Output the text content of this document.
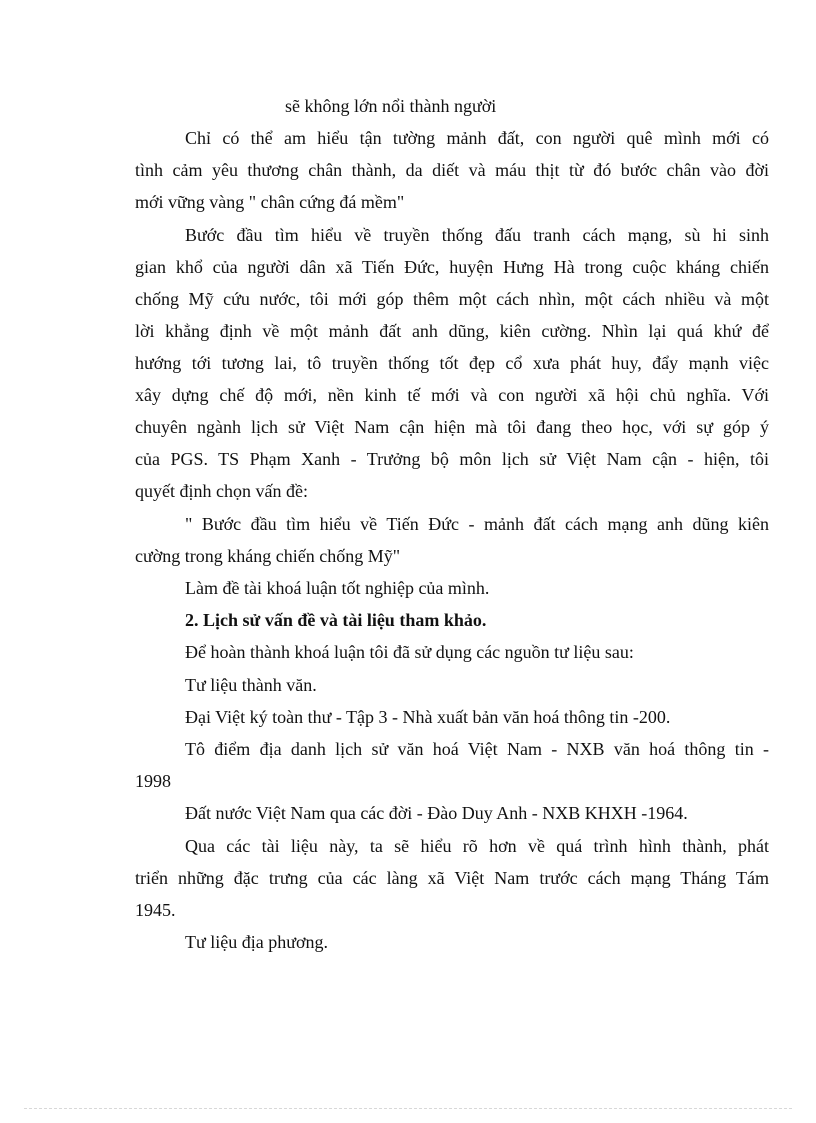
sẽ không lớn nổi thành người
Chỉ có thể am hiểu tận tường mảnh đất, con người quê mình mới có
tình cảm yêu thương chân thành, da diết và máu thịt từ đó bước chân vào đời
mới vững vàng " chân cứng đá mềm"
Bước đầu tìm hiểu về truyền thống đấu tranh cách mạng, sù hi sinh
gian khổ của người dân xã Tiến Đức, huyện Hưng Hà trong cuộc kháng chiến
chống Mỹ cứu nước, tôi mới góp thêm một cách nhìn, một cách nhiều và một
lời khẳng định về một mảnh đất anh dũng, kiên cường. Nhìn lại quá khứ để
hướng tới tương lai, tô truyền thống tốt đẹp cổ xưa phát huy, đẩy mạnh việc
xây dựng chế độ mới, nền kinh tế mới và con người xã hội chủ nghĩa. Với
chuyên ngành lịch sử Việt Nam cận hiện mà tôi đang theo học, với sự góp ý
của PGS. TS Phạm Xanh - Trưởng bộ môn lịch sử Việt Nam cận - hiện, tôi
quyết định chọn vấn đề:
" Bước đầu tìm hiểu về Tiến Đức - mảnh đất cách mạng anh dũng kiên
cường trong kháng chiến chống Mỹ"
Làm đề tài khoá luận tốt nghiệp của mình.
2. Lịch sử vấn đề và tài liệu tham khảo.
Để hoàn thành khoá luận tôi đã sử dụng các nguồn tư liệu sau:
Tư liệu thành văn.
Đại Việt ký toàn thư - Tập 3 - Nhà xuất bản văn hoá thông tin -200.
Tô điểm địa danh lịch sử văn hoá Việt Nam - NXB văn hoá thông tin -
1998
Đất nước Việt Nam qua các đời - Đào Duy Anh - NXB KHXH -1964.
Qua các tài liệu này, ta sẽ hiểu rõ hơn về quá trình hình thành, phát
triển những đặc trưng của các làng xã Việt Nam trước cách mạng Tháng Tám
1945.
Tư liệu địa phương.
